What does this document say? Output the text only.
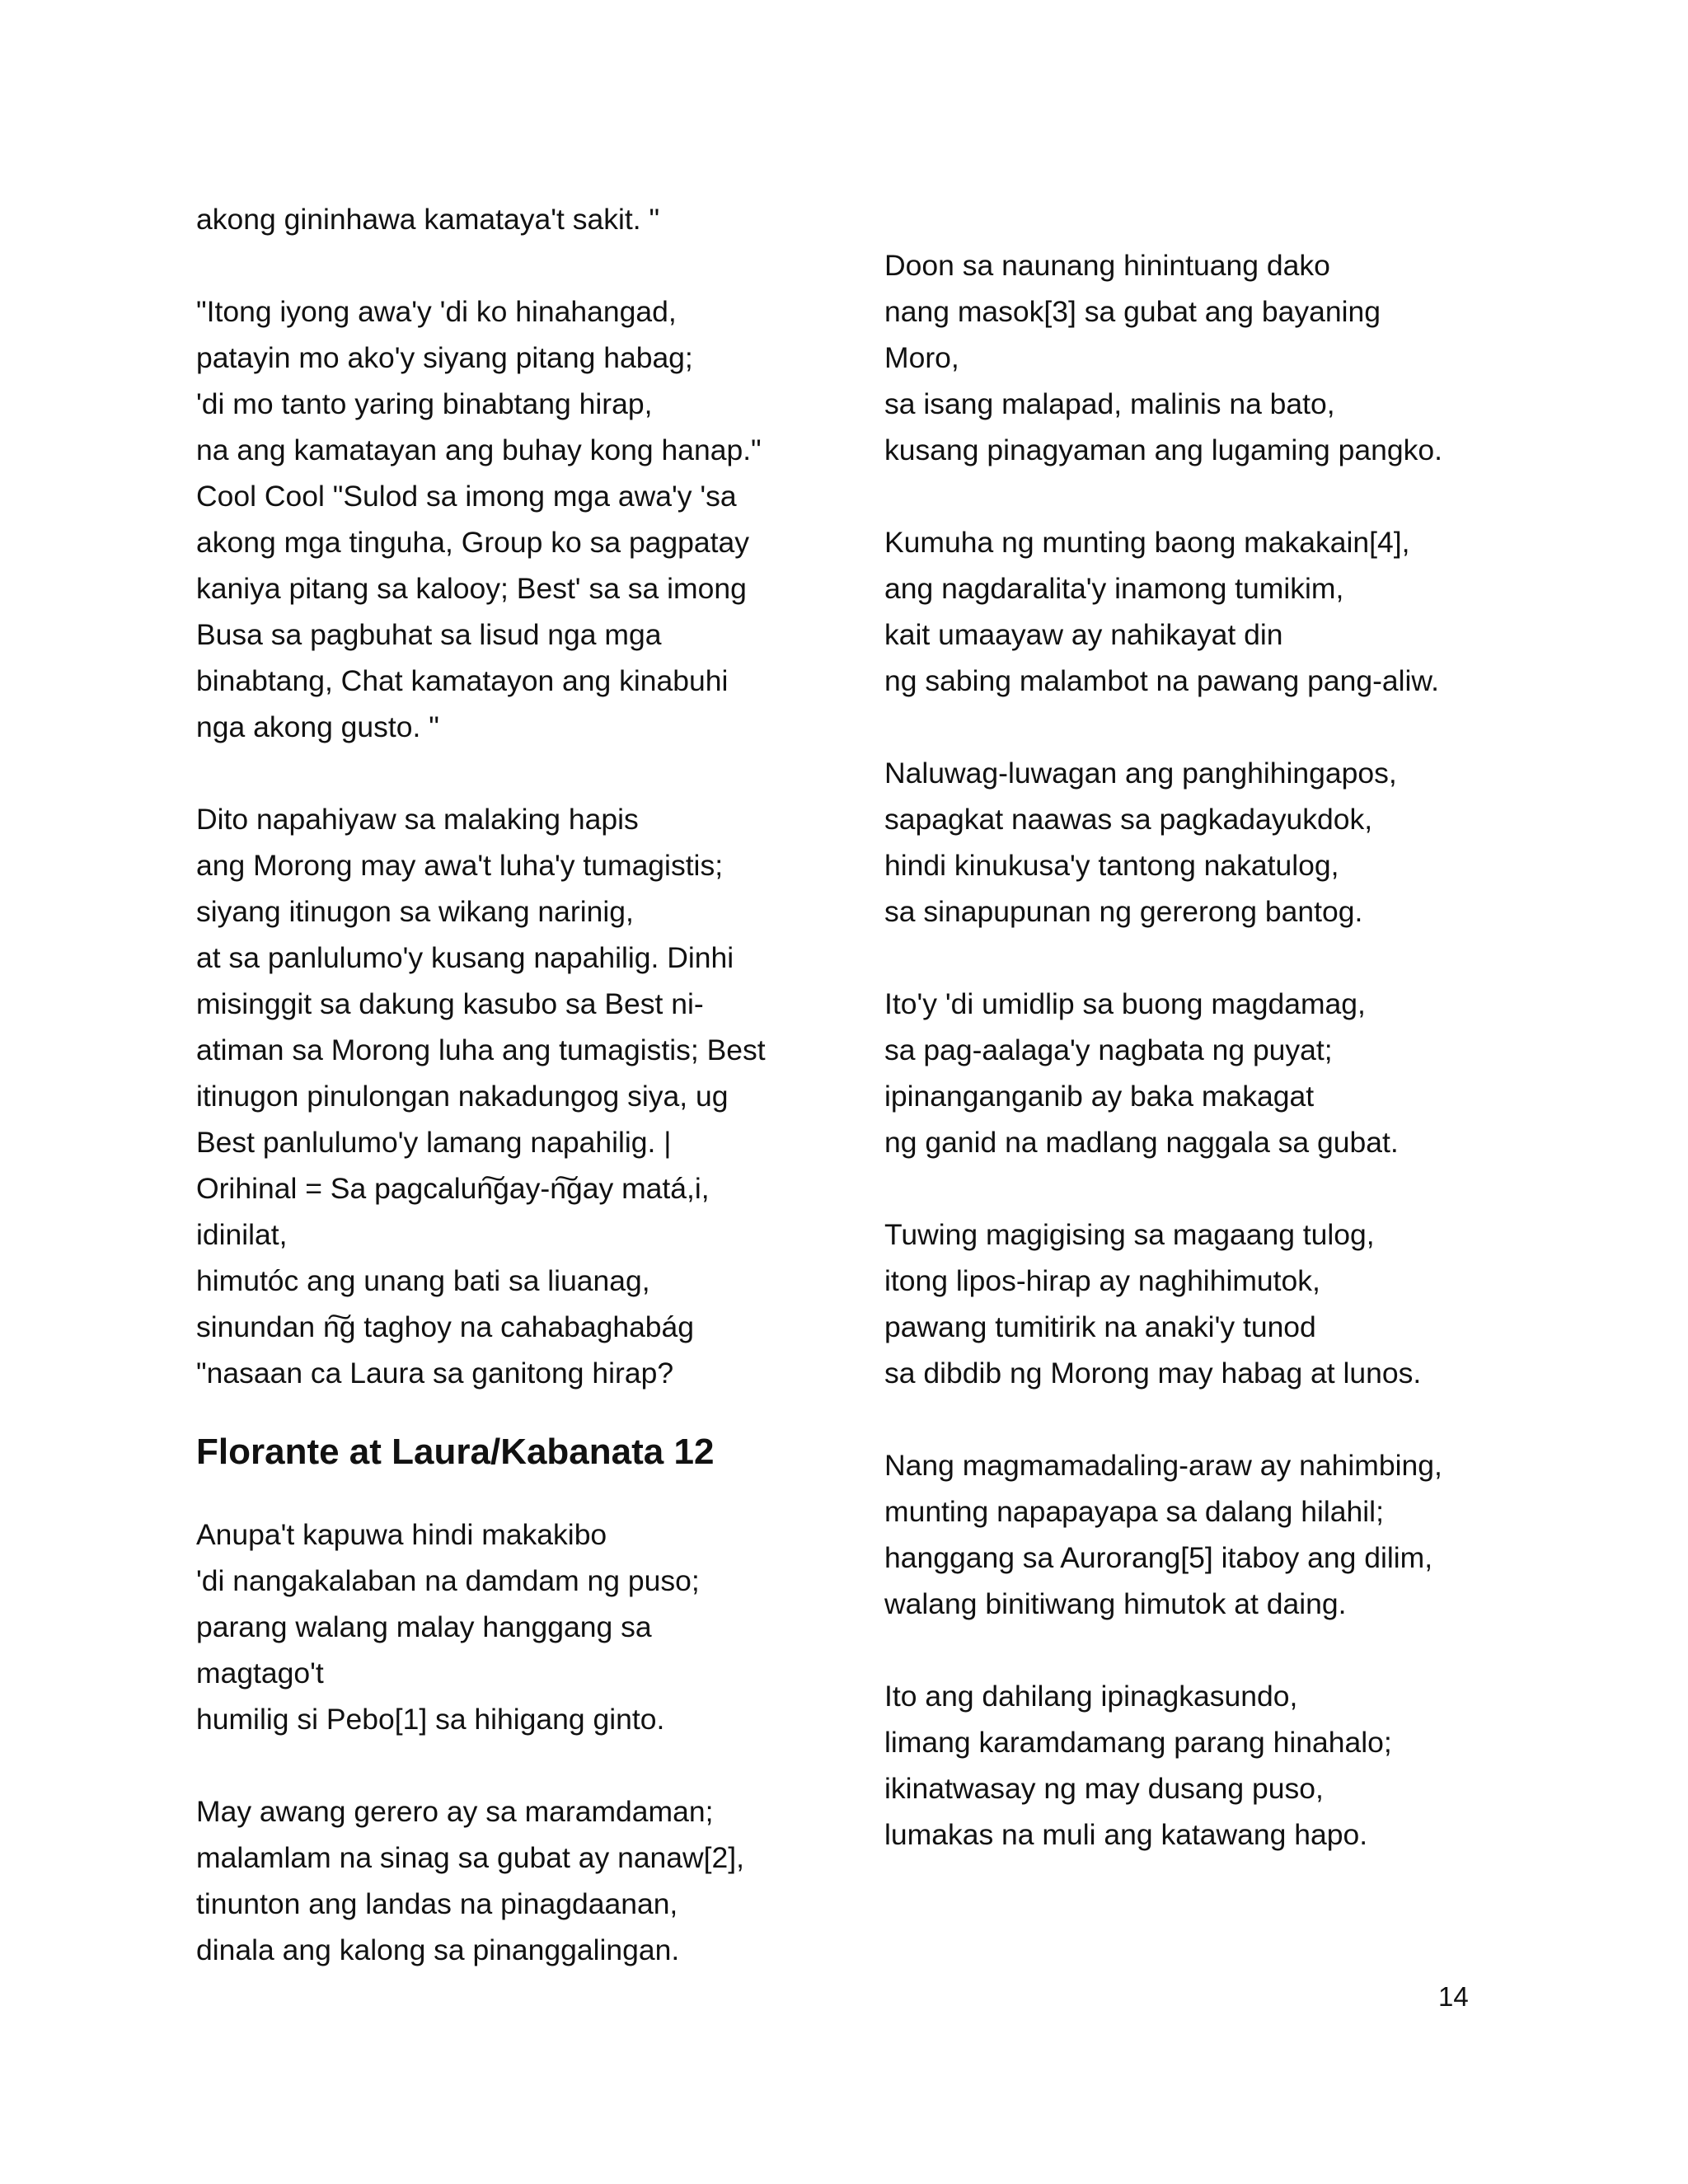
akong gininhawa kamataya't sakit. "
"Itong iyong awa'y 'di ko hinahangad,
patayin mo ako'y siyang pitang habag;
'di mo tanto yaring binabtang hirap,
na ang kamatayan ang buhay kong hanap."
Cool Cool "Sulod sa imong mga awa'y 'sa
akong mga tinguha, Group ko sa pagpatay
kaniya pitang sa kalooy; Best' sa sa imong
Busa sa pagbuhat sa lisud nga mga
binabtang, Chat kamatayon ang kinabuhi
nga akong gusto. "
Dito napahiyaw sa malaking hapis
ang Morong may awa't luha'y tumagistis;
siyang itinugon sa wikang narinig,
at sa panlulumo'y kusang napahilig. Dinhi
misinggit sa dakung kasubo sa Best ni-
atiman sa Morong luha ang tumagistis; Best
itinugon pinulongan nakadungog siya, ug
Best panlulumo'y lamang napahilig. |
Orihinal = Sa pagcalun͠gay-n͠gay matá,i,
idinilat,
himutóc ang unang bati sa liuanag,
sinundan n͠g taghoy na cahabaghabág
"nasaan ca Laura sa ganitong hirap?
Florante at Laura/Kabanata 12
Anupa't kapuwa hindi makakibo
'di nangakalaban na damdam ng puso;
parang walang malay hanggang sa
magtago't
humilig si Pebo[1] sa hihigang ginto.
May awang gerero ay sa maramdaman;
malamlam na sinag sa gubat ay nanaw[2],
tinunton ang landas na pinagdaanan,
dinala ang kalong sa pinanggalingan.
Doon sa naunang hinintuang dako
nang masok[3] sa gubat ang bayaning
Moro,
sa isang malapad, malinis na bato,
kusang pinagyaman ang lugaming pangko.
Kumuha ng munting baong makakain[4],
ang nagdaralita'y inamong tumikim,
kait umaayaw ay nahikayat din
ng sabing malambot na pawang pang-aliw.
Naluwag-luwagan ang panghihingapos,
sapagkat naawas sa pagkadayukdok,
hindi kinukusa'y tantong nakatulog,
sa sinapupunan ng gererong bantog.
Ito'y 'di umidlip sa buong magdamag,
sa pag-aalaga'y nagbata ng puyat;
ipinanganganib ay baka makagat
ng ganid na madlang naggala sa gubat.
Tuwing magigising sa magaang tulog,
itong lipos-hirap ay naghihimutok,
pawang tumitirik na anaki'y tunod
sa dibdib ng Morong may habag at lunos.
Nang magmamadaling-araw ay nahimbing,
munting napapayapa sa dalang hilahil;
hanggang sa Aurorang[5] itaboy ang dilim,
walang binitiwang himutok at daing.
Ito ang dahilang ipinagkasundo,
limang karamdamang parang hinahalo;
ikinatwasay ng may dusang puso,
lumakas na muli ang katawang hapo.
14
